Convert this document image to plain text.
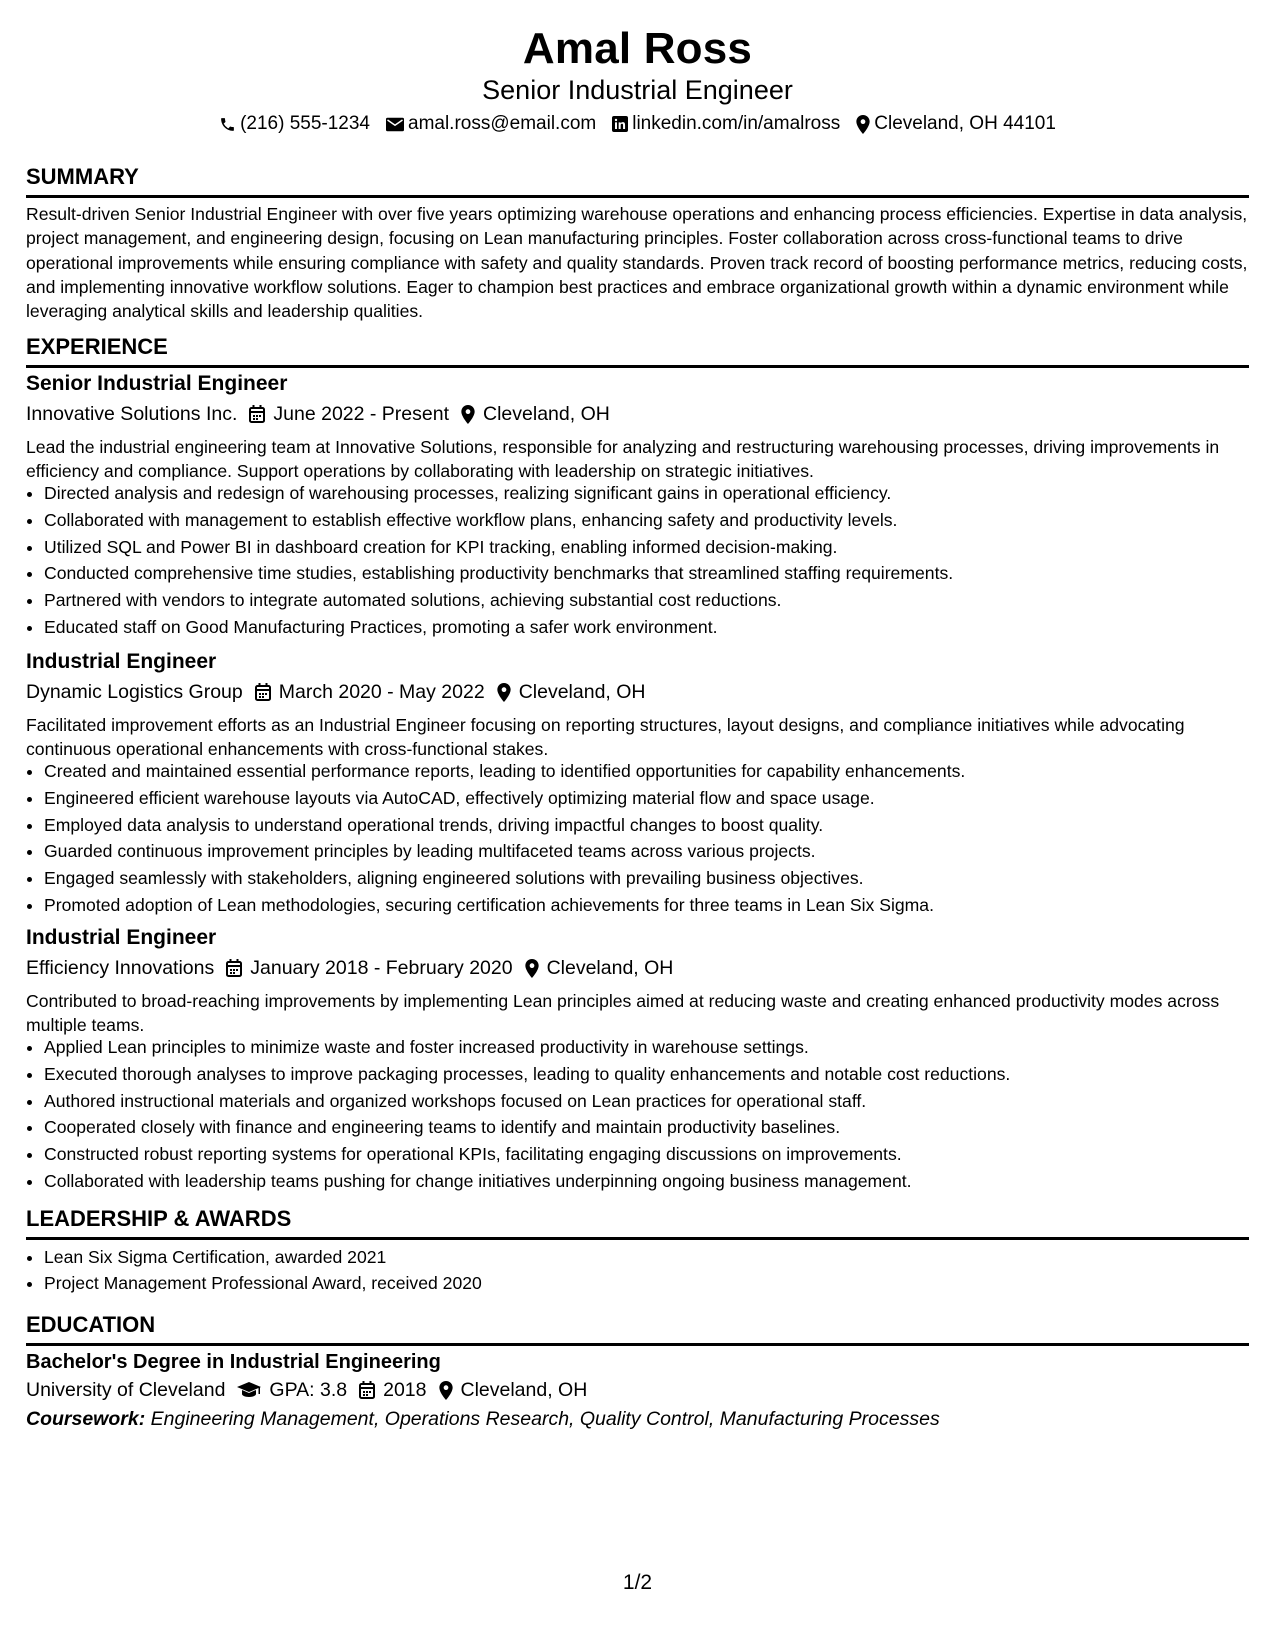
Amal Ross
Senior Industrial Engineer
(216) 555-1234 amal.ross@email.com linkedin.com/in/amalross Cleveland, OH 44101
SUMMARY

Result-driven Senior Industrial Engineer with over five years optimizing warehouse operations and enhancing process efficiencies. Expertise in data analysis, project management, and engineering design, focusing on Lean manufacturing principles. Foster collaboration across cross-functional teams to drive operational improvements while ensuring compliance with safety and quality standards. Proven track record of boosting performance metrics, reducing costs, and implementing innovative workflow solutions. Eager to champion best practices and embrace organizational growth within a dynamic environment while leveraging analytical skills and leadership qualities.

EXPERIENCE
Senior Industrial Engineer
Innovative Solutions Inc. June 2022 - Present Cleveland, OH

Lead the industrial engineering team at Innovative Solutions, responsible for analyzing and restructuring warehousing processes, driving improvements in efficiency and compliance. Support operations by collaborating with leadership on strategic initiatives.

• Directed analysis and redesign of warehousing processes, realizing significant gains in operational efficiency.
• Collaborated with management to establish effective workflow plans, enhancing safety and productivity levels.
• Utilized SQL and Power BI in dashboard creation for KPI tracking, enabling informed decision-making.
• Conducted comprehensive time studies, establishing productivity benchmarks that streamlined staffing requirements.
• Partnered with vendors to integrate automated solutions, achieving substantial cost reductions.
• Educated staff on Good Manufacturing Practices, promoting a safer work environment.
Industrial Engineer
Dynamic Logistics Group March 2020 - May 2022 Cleveland, OH

Facilitated improvement efforts as an Industrial Engineer focusing on reporting structures, layout designs, and compliance initiatives while advocating continuous operational enhancements with cross-functional stakes.

• Created and maintained essential performance reports, leading to identified opportunities for capability enhancements.
• Engineered efficient warehouse layouts via AutoCAD, effectively optimizing material flow and space usage.
• Employed data analysis to understand operational trends, driving impactful changes to boost quality.
• Guarded continuous improvement principles by leading multifaceted teams across various projects.
• Engaged seamlessly with stakeholders, aligning engineered solutions with prevailing business objectives.
• Promoted adoption of Lean methodologies, securing certification achievements for three teams in Lean Six Sigma.
Industrial Engineer
Efficiency Innovations January 2018 - February 2020 Cleveland, OH

Contributed to broad-reaching improvements by implementing Lean principles aimed at reducing waste and creating enhanced productivity modes across multiple teams.

• Applied Lean principles to minimize waste and foster increased productivity in warehouse settings.
• Executed thorough analyses to improve packaging processes, leading to quality enhancements and notable cost reductions.
• Authored instructional materials and organized workshops focused on Lean practices for operational staff.
• Cooperated closely with finance and engineering teams to identify and maintain productivity baselines.
• Constructed robust reporting systems for operational KPIs, facilitating engaging discussions on improvements.
• Collaborated with leadership teams pushing for change initiatives underpinning ongoing business management.
LEADERSHIP & AWARDS
• Lean Six Sigma Certification, awarded 2021
• Project Management Professional Award, received 2020
EDUCATION
Bachelor's Degree in Industrial Engineering
University of Cleveland GPA: 3.8 2018 Cleveland, OH
Coursework: Engineering Management, Operations Research, Quality Control, Manufacturing Processes
1/2
